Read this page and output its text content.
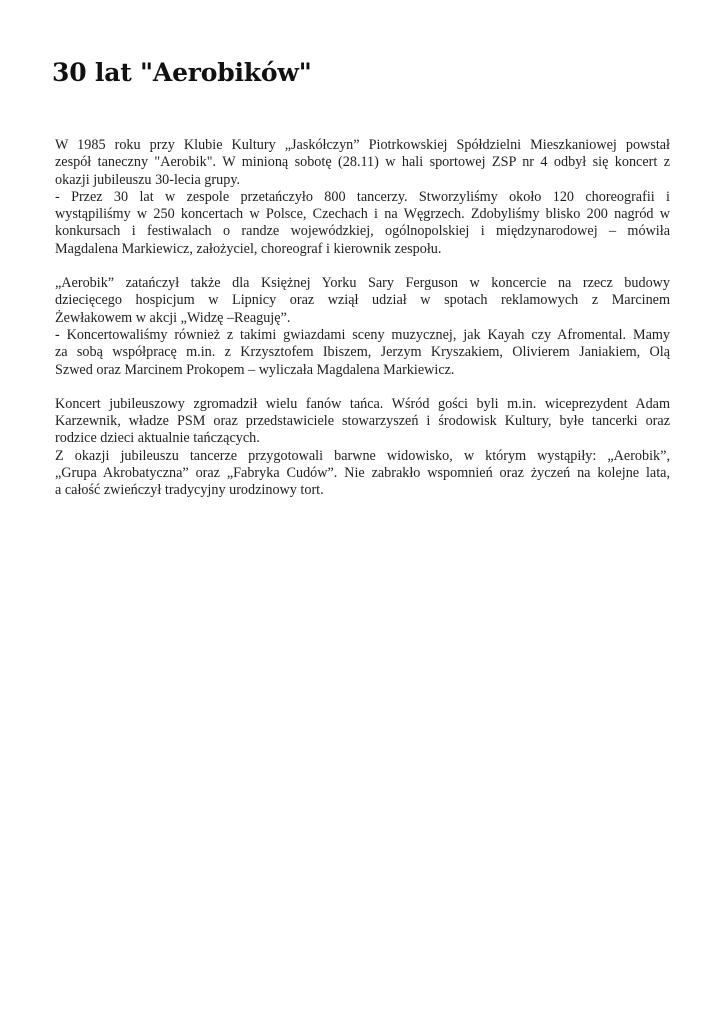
30 lat "Aerobików"

W 1985 roku przy Klubie Kultury „Jaskółczyn” Piotrkowskiej Spółdzielni Mieszkaniowej powstał
zespół taneczny "Aerobik". W minioną sobotę (28.11) w hali sportowej ZSP nr 4 odbył się koncert z
okazji jubileuszu 30-lecia grupy.
- Przez 30 lat w zespole przetańczyło 800 tancerzy. Stworzyliśmy około 120 choreografii i
wystąpiliśmy w 250 koncertach w Polsce, Czechach i na Węgrzech. Zdobyliśmy blisko 200 nagród w
konkursach i festiwalach o randze wojewódzkiej, ogólnopolskiej i międzynarodowej – mówiła
Magdalena Markiewicz, założyciel, choreograf i kierownik zespołu.

„Aerobik” zatańczył także dla Księżnej Yorku Sary Ferguson w koncercie na rzecz budowy
dziecięcego hospicjum w Lipnicy oraz wziął udział w spotach reklamowych z Marcinem
Żewłakowem w akcji „Widzę –Reaguję”.
- Koncertowaliśmy również z takimi gwiazdami sceny muzycznej, jak Kayah czy Afromental. Mamy
za sobą współpracę m.in. z Krzysztofem Ibiszem, Jerzym Kryszakiem, Olivierem Janiakiem, Olą
Szwed oraz Marcinem Prokopem – wyliczała Magdalena Markiewicz.

Koncert jubileuszowy zgromadził wielu fanów tańca. Wśród gości byli m.in. wiceprezydent Adam
Karzewnik, władze PSM oraz przedstawiciele stowarzyszeń i środowisk Kultury, byłe tancerki oraz
rodzice dzieci aktualnie tańczących.
Z okazji jubileuszu tancerze przygotowali barwne widowisko, w którym wystąpiły: „Aerobik”,
„Grupa Akrobatyczna” oraz „Fabryka Cudów”. Nie zabrakło wspomnień oraz życzeń na kolejne lata,
a całość zwieńczył tradycyjny urodzinowy tort.
